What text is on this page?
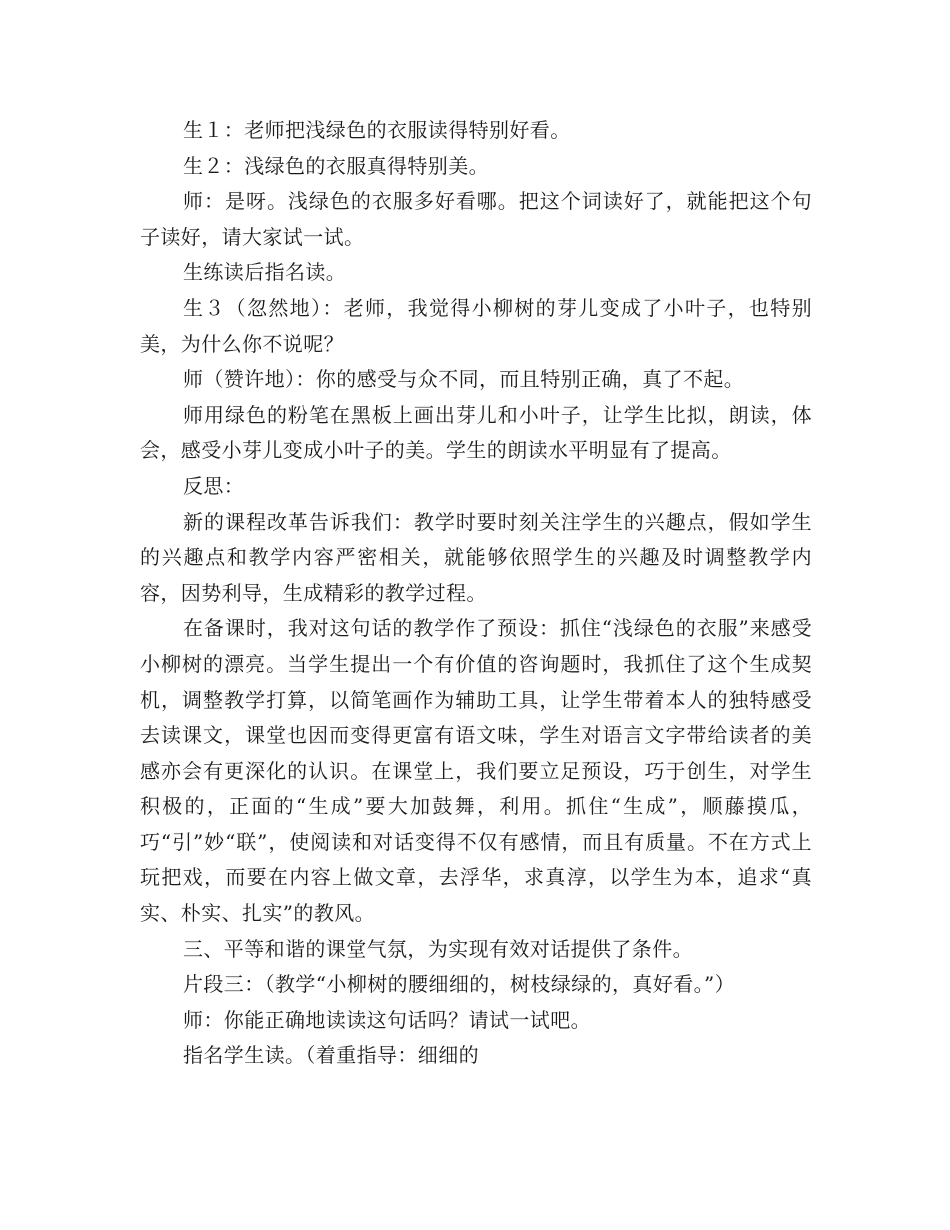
生１：老师把浅绿色的衣服读得特别好看。

生２：浅绿色的衣服真得特别美。

师：是呀。浅绿色的衣服多好看哪。把这个词读好了，就能把这个句子读好，请大家试一试。

生练读后指名读。

生３（忽然地）：老师，我觉得小柳树的芽儿变成了小叶子，也特别美，为什么你不说呢？

师（赞许地）：你的感受与众不同，而且特别正确，真了不起。

师用绿色的粉笔在黑板上画出芽儿和小叶子，让学生比拟，朗读，体会，感受小芽儿变成小叶子的美。学生的朗读水平明显有了提高。

反思：

新的课程改革告诉我们：教学时要时刻关注学生的兴趣点，假如学生的兴趣点和教学内容严密相关，就能够依照学生的兴趣及时调整教学内容，因势利导，生成精彩的教学过程。

在备课时，我对这句话的教学作了预设：抓住“浅绿色的衣服”来感受小柳树的漂亮。当学生提出一个有价值的咨询题时，我抓住了这个生成契机，调整教学打算，以简笔画作为辅助工具，让学生带着本人的独特感受去读课文，课堂也因而变得更富有语文味，学生对语言文字带给读者的美感亦会有更深化的认识。在课堂上，我们要立足预设，巧于创生，对学生积极的，正面的“生成”要大加鼓舞，利用。抓住“生成”，顺藤摸瓜，巧“引”妙“联”，使阅读和对话变得不仅有感情，而且有质量。不在方式上玩把戏，而要在内容上做文章，去浮华，求真淳，以学生为本，追求“真实、朴实、扎实”的教风。

三、平等和谐的课堂气氛，为实现有效对话提供了条件。

片段三：（教学“小柳树的腰细细的，树枝绿绿的，真好看。”）

师：你能正确地读读这句话吗？请试一试吧。

指名学生读。（着重指导：细细的
